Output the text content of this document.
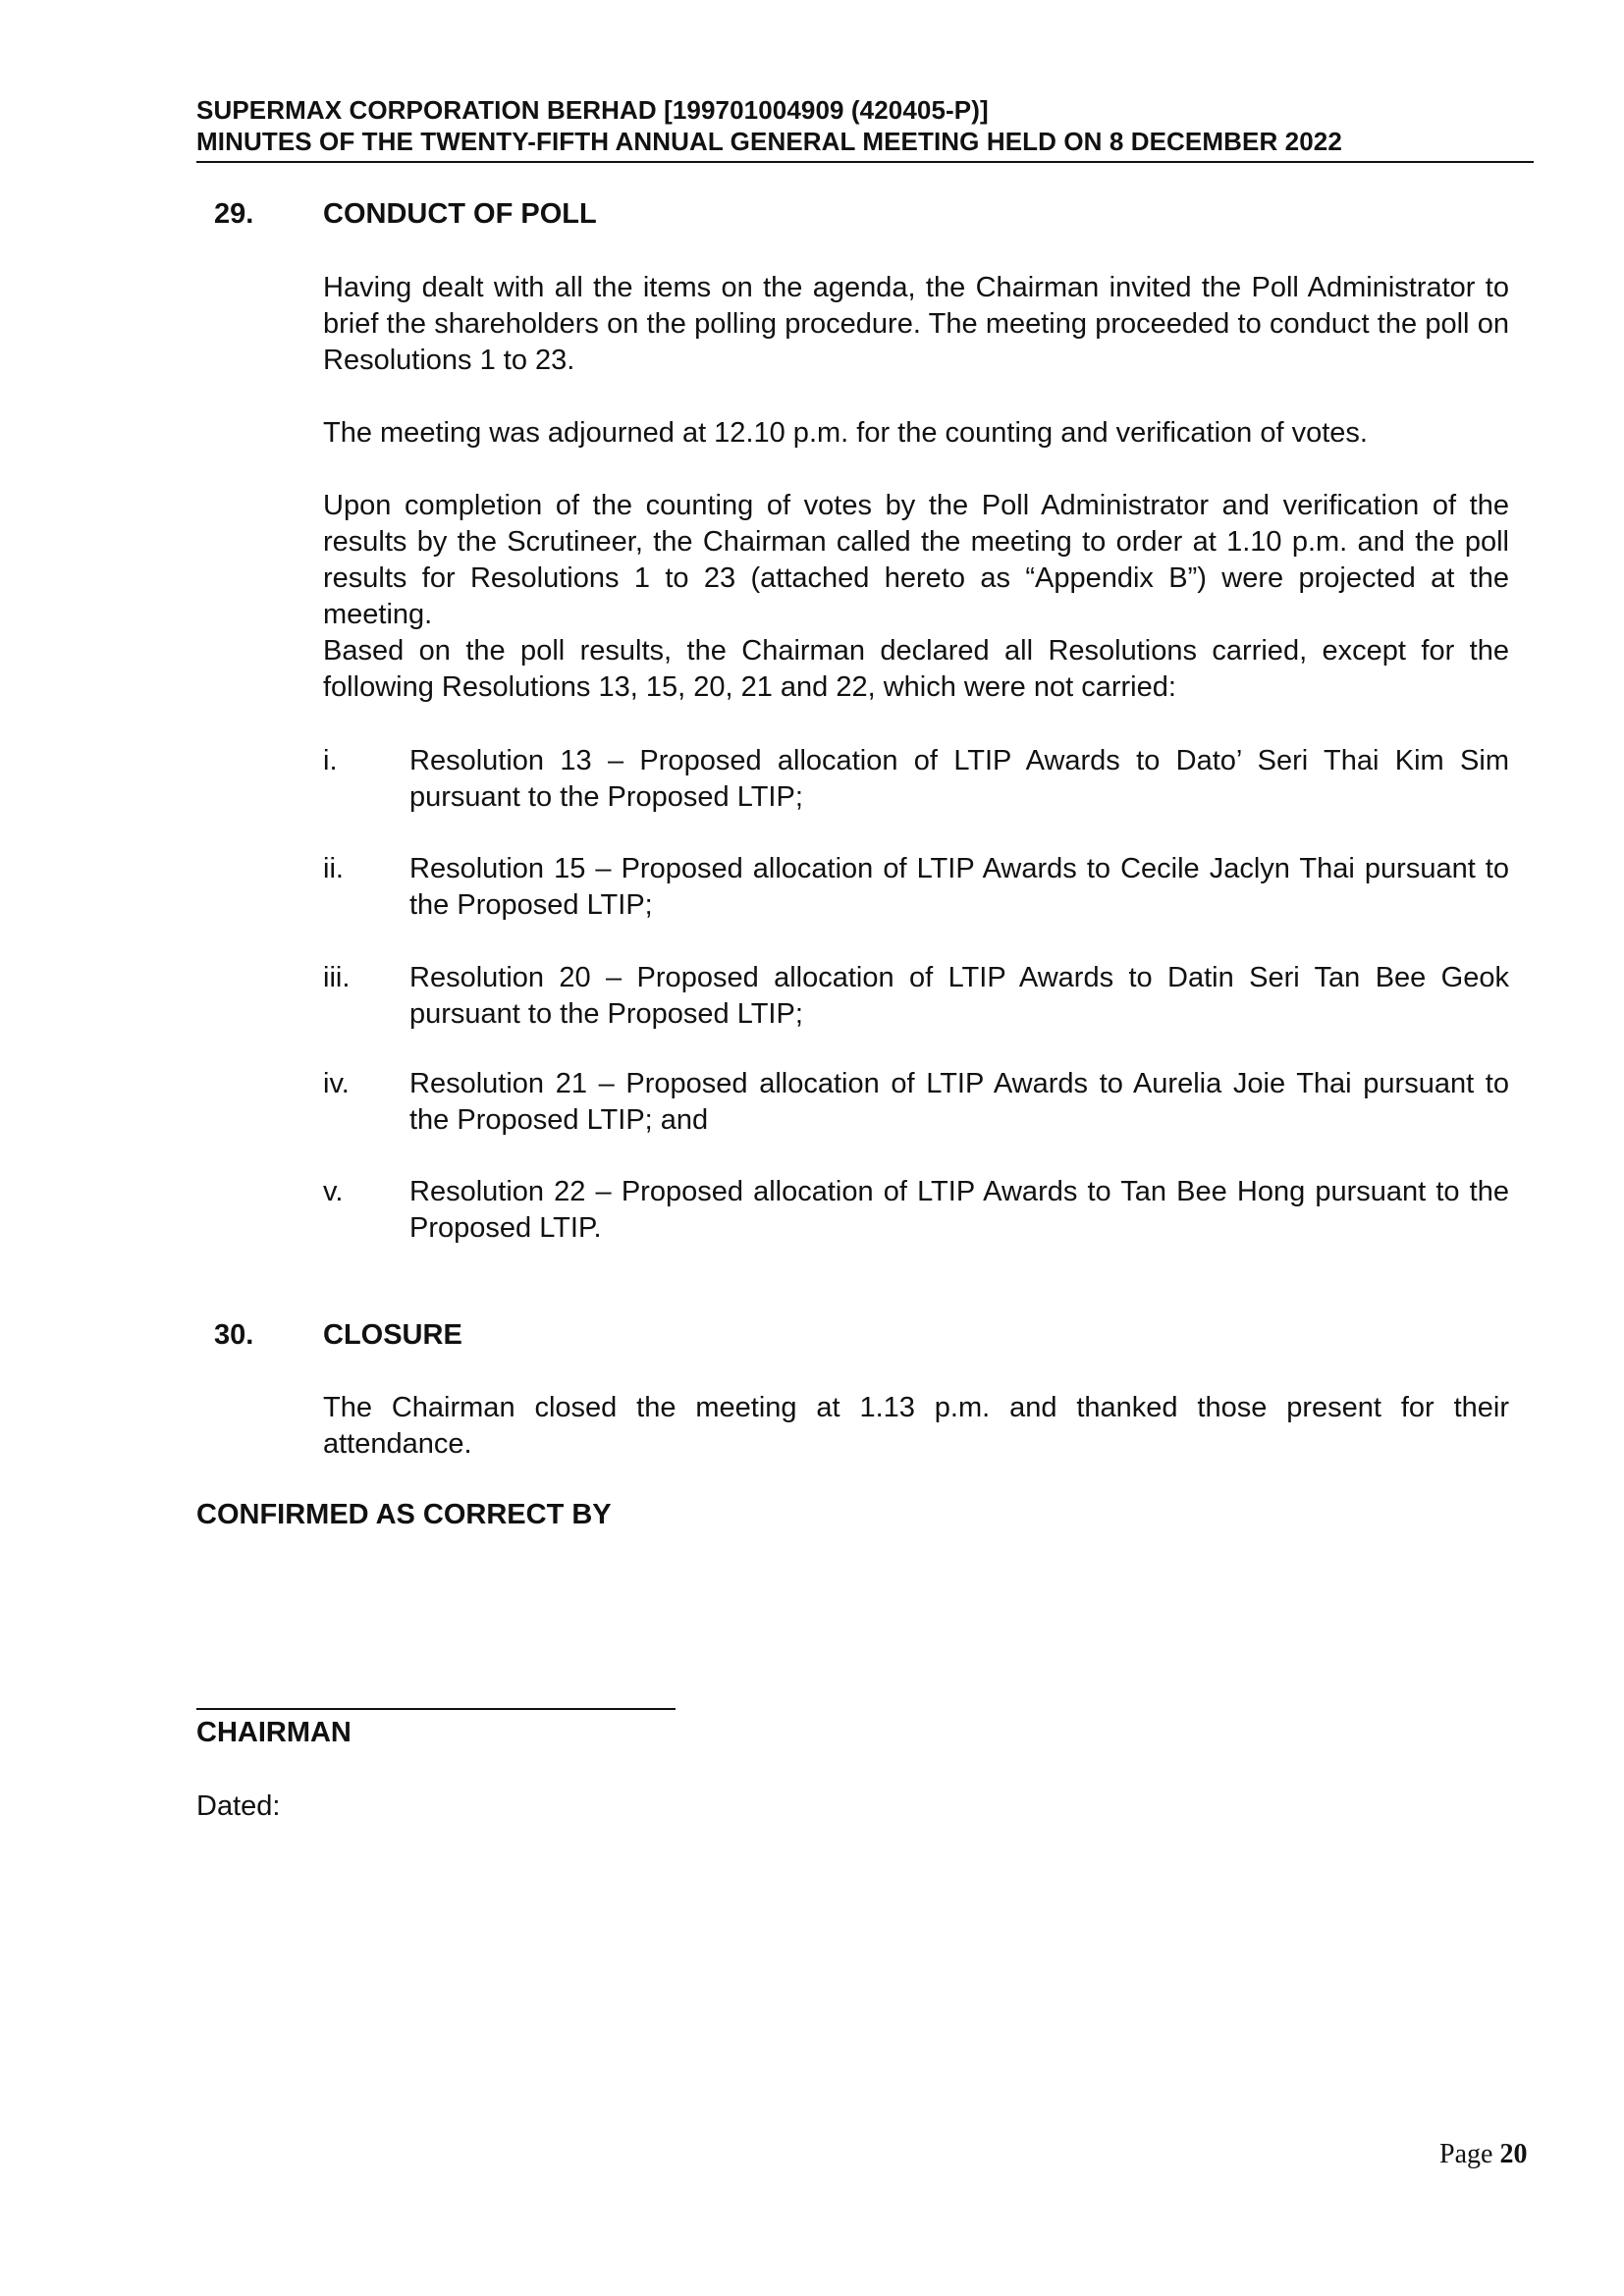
SUPERMAX CORPORATION BERHAD [199701004909 (420405-P)]
MINUTES OF THE TWENTY-FIFTH ANNUAL GENERAL MEETING HELD ON 8 DECEMBER 2022
29. CONDUCT OF POLL

Having dealt with all the items on the agenda, the Chairman invited the Poll Administrator to brief the shareholders on the polling procedure. The meeting proceeded to conduct the poll on Resolutions 1 to 23.

The meeting was adjourned at 12.10 p.m. for the counting and verification of votes.

Upon completion of the counting of votes by the Poll Administrator and verification of the results by the Scrutineer, the Chairman called the meeting to order at 1.10 p.m. and the poll results for Resolutions 1 to 23 (attached hereto as “Appendix B”) were projected at the meeting.

Based on the poll results, the Chairman declared all Resolutions carried, except for the following Resolutions 13, 15, 20, 21 and 22, which were not carried:

i.	Resolution 13 – Proposed allocation of LTIP Awards to Dato’ Seri Thai Kim Sim pursuant to the Proposed LTIP;

ii. Resolution 15 – Proposed allocation of LTIP Awards to Cecile Jaclyn Thai pursuant to the Proposed LTIP;

iii. Resolution 20 – Proposed allocation of LTIP Awards to Datin Seri Tan Bee Geok pursuant to the Proposed LTIP;

iv. Resolution 21 – Proposed allocation of LTIP Awards to Aurelia Joie Thai pursuant to the Proposed LTIP; and

v. Resolution 22 – Proposed allocation of LTIP Awards to Tan Bee Hong pursuant to the Proposed LTIP.

30. CLOSURE

The Chairman closed the meeting at 1.13 p.m. and thanked those present for their attendance.

CONFIRMED AS CORRECT BY
CHAIRMAN
Dated:
Page 20
